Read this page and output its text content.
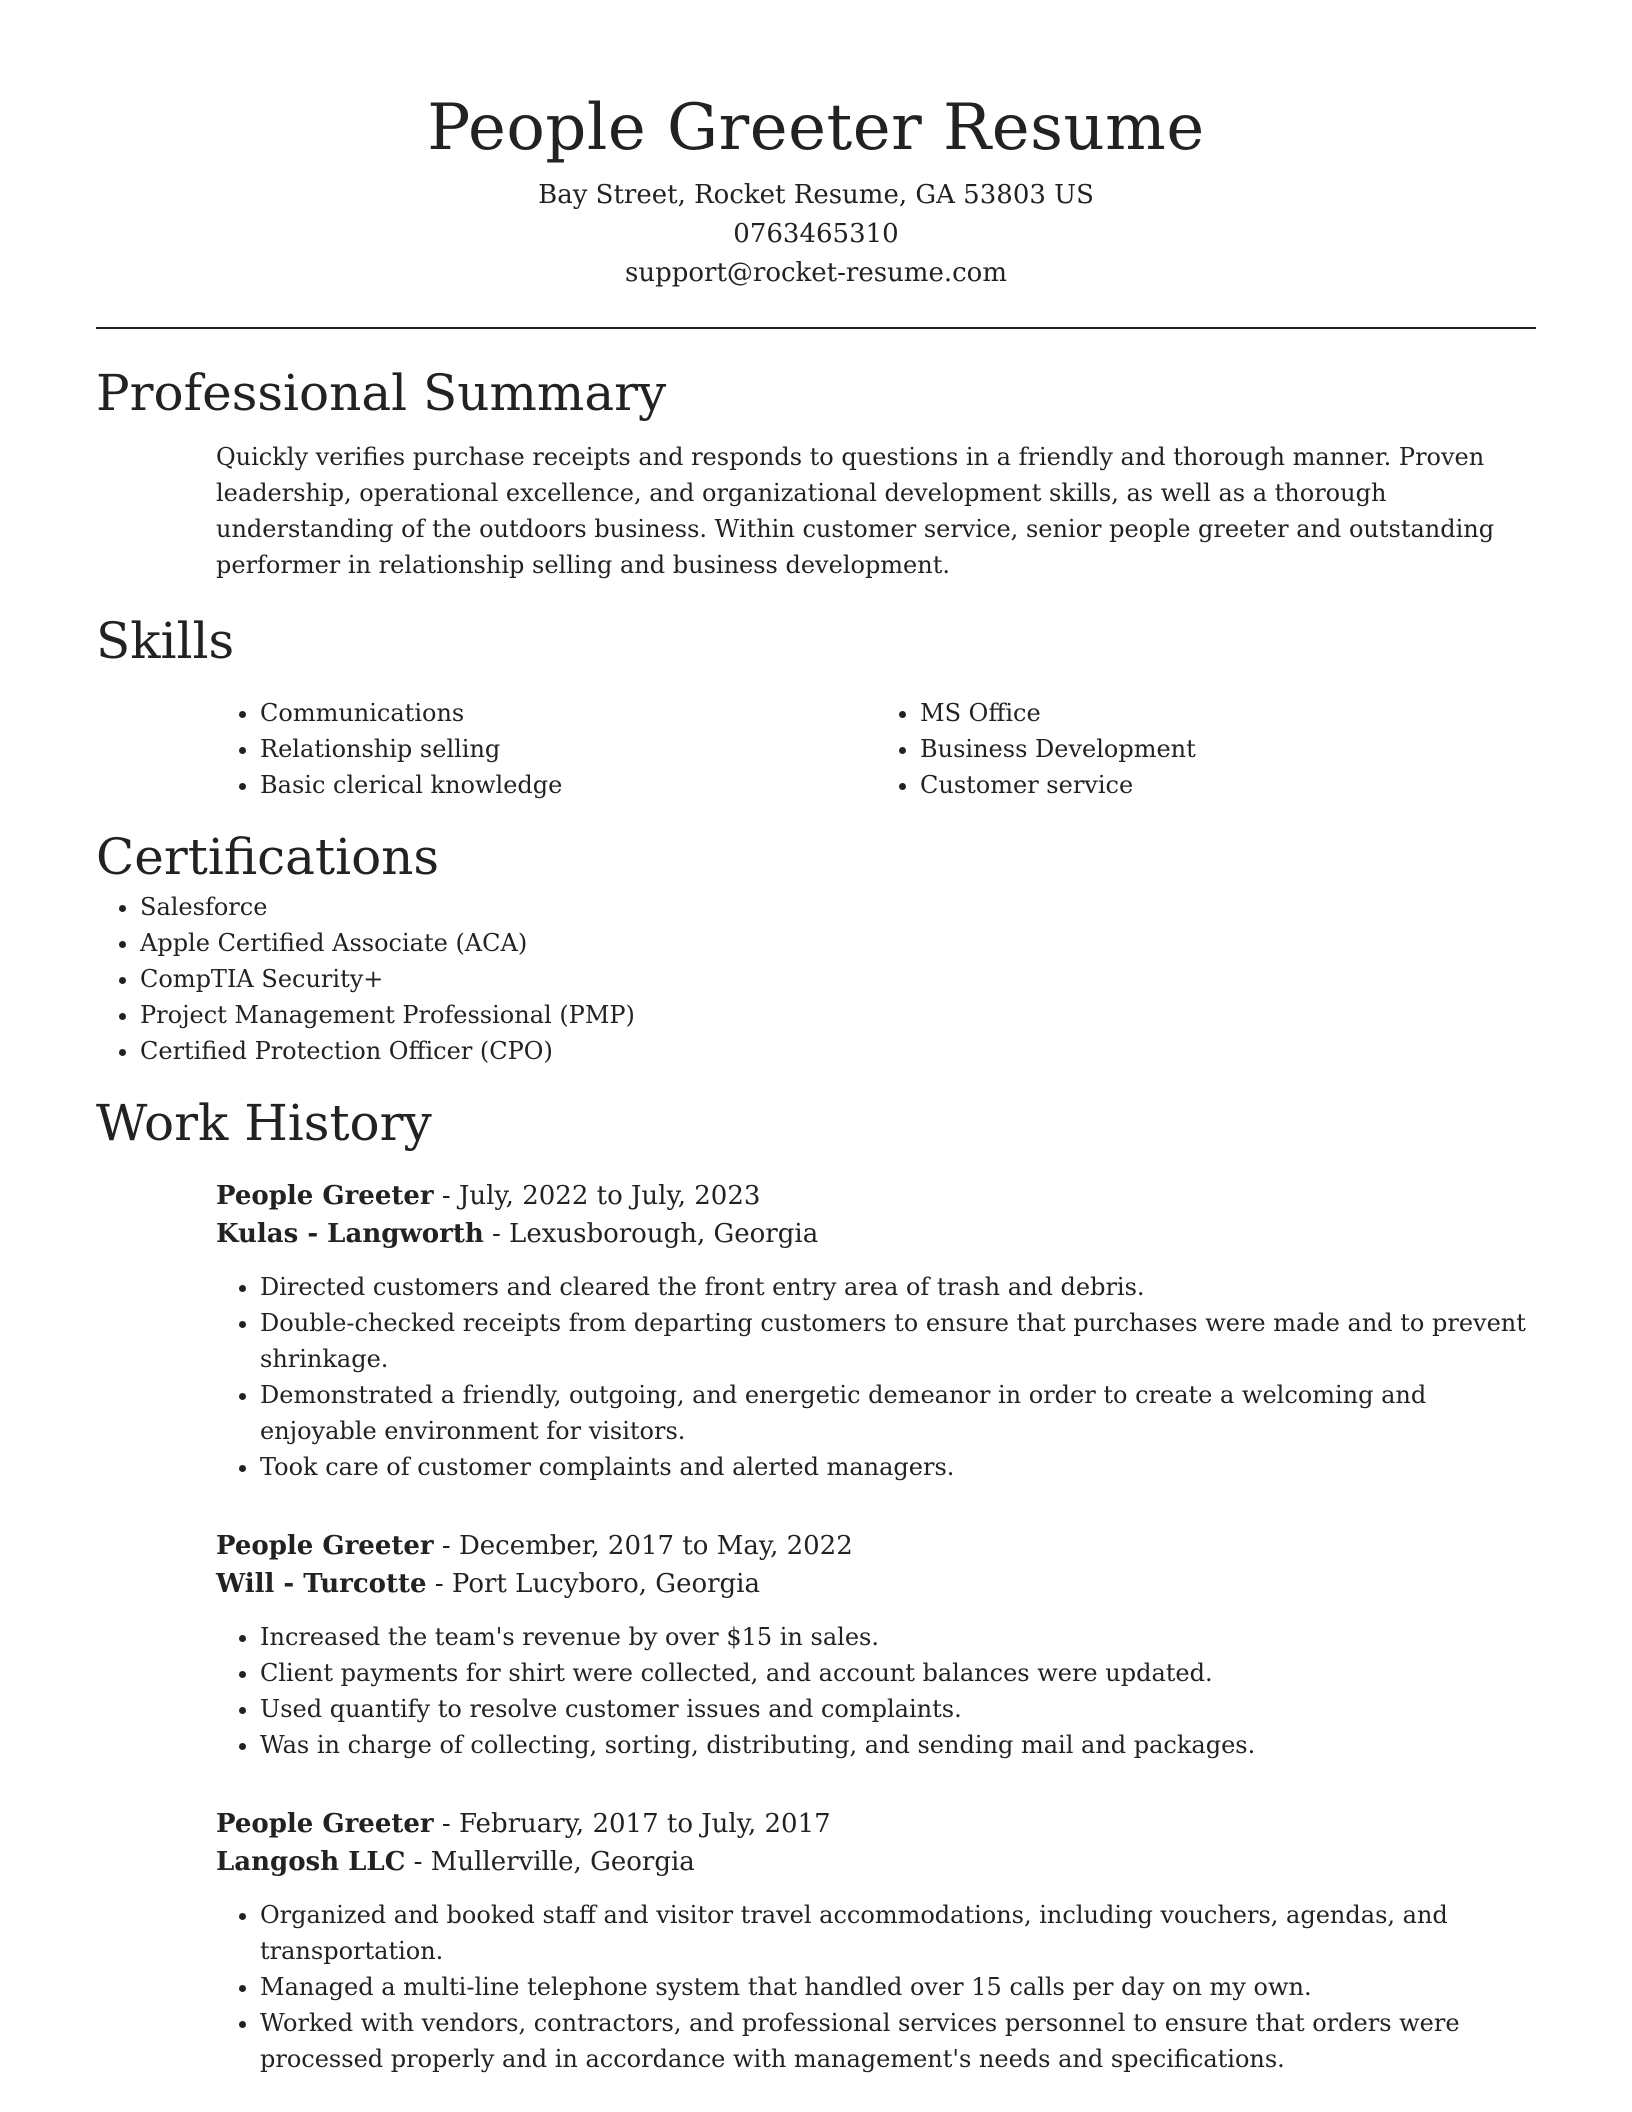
People Greeter Resume

Bay Street, Rocket Resume, GA 53803 US

0763465310

support@rocket-resume.com

Professional Summary

Quickly verifies purchase receipts and responds to questions in a friendly and thorough manner. Proven leadership, operational excellence, and organizational development skills, as well as a thorough understanding of the outdoors business. Within customer service, senior people greeter and outstanding performer in relationship selling and business development.

Skills
• Communications
• Relationship selling
• Basic clerical knowledge
• MS Office
• Business Development
• Customer service
Certifications
• Salesforce
• Apple Certified Associate (ACA)
• CompTIA Security+
• Project Management Professional (PMP)
• Certified Protection Officer (CPO)
Work History

People Greeter - July, 2022 to July, 2023

Kulas - Langworth - Lexusborough, Georgia

• Directed customers and cleared the front entry area of trash and debris.
• Double-checked receipts from departing customers to ensure that purchases were made and to prevent shrinkage.
• Demonstrated a friendly, outgoing, and energetic demeanor in order to create a welcoming and enjoyable environment for visitors.
• Took care of customer complaints and alerted managers.

People Greeter - December, 2017 to May, 2022

Will - Turcotte - Port Lucyboro, Georgia

• Increased the team's revenue by over $15 in sales.
• Client payments for shirt were collected, and account balances were updated.
• Used quantify to resolve customer issues and complaints.
• Was in charge of collecting, sorting, distributing, and sending mail and packages.

People Greeter - February, 2017 to July, 2017

Langosh LLC - Mullerville, Georgia

• Organized and booked staff and visitor travel accommodations, including vouchers, agendas, and transportation.
• Managed a multi-line telephone system that handled over 15 calls per day on my own.
• Worked with vendors, contractors, and professional services personnel to ensure that orders were processed properly and in accordance with management's needs and specifications.
